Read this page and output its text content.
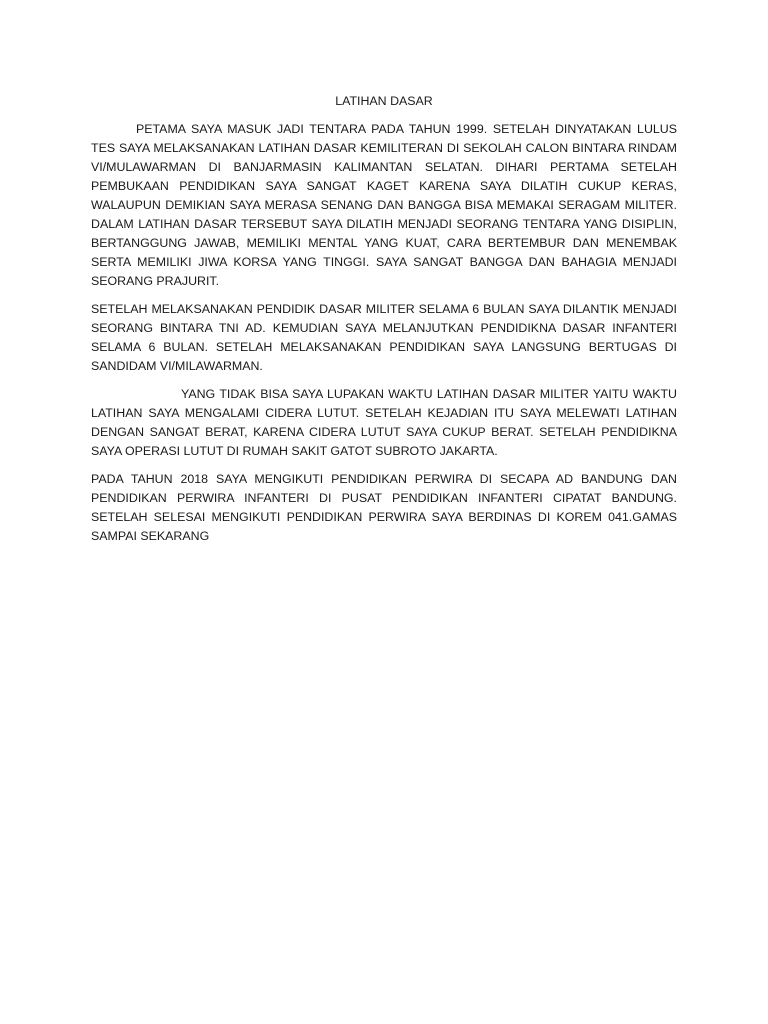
LATIHAN DASAR

PETAMA SAYA MASUK JADI TENTARA PADA TAHUN 1999. SETELAH DINYATAKAN LULUS TES SAYA MELAKSANAKAN LATIHAN DASAR KEMILITERAN DI SEKOLAH CALON BINTARA RINDAM VI/MULAWARMAN DI BANJARMASIN KALIMANTAN SELATAN. DIHARI PERTAMA SETELAH PEMBUKAAN PENDIDIKAN SAYA SANGAT KAGET KARENA SAYA DILATIH CUKUP KERAS, WALAUPUN DEMIKIAN SAYA MERASA SENANG DAN BANGGA BISA MEMAKAI SERAGAM MILITER. DALAM LATIHAN DASAR TERSEBUT SAYA DILATIH MENJADI SEORANG TENTARA YANG DISIPLIN, BERTANGGUNG JAWAB, MEMILIKI MENTAL YANG KUAT, CARA BERTEMBUR DAN MENEMBAK SERTA MEMILIKI JIWA KORSA YANG TINGGI. SAYA SANGAT BANGGA DAN BAHAGIA MENJADI SEORANG PRAJURIT.

SETELAH MELAKSANAKAN PENDIDIK DASAR MILITER SELAMA 6 BULAN SAYA DILANTIK MENJADI SEORANG BINTARA TNI AD. KEMUDIAN SAYA MELANJUTKAN PENDIDIKNA DASAR INFANTERI SELAMA 6 BULAN. SETELAH MELAKSANAKAN PENDIDIKAN SAYA LANGSUNG BERTUGAS DI SANDIDAM VI/MILAWARMAN.

YANG TIDAK BISA SAYA LUPAKAN WAKTU LATIHAN DASAR MILITER YAITU WAKTU LATIHAN SAYA MENGALAMI CIDERA LUTUT. SETELAH KEJADIAN ITU SAYA MELEWATI LATIHAN DENGAN SANGAT BERAT, KARENA CIDERA LUTUT SAYA CUKUP BERAT. SETELAH PENDIDIKNA SAYA OPERASI LUTUT DI RUMAH SAKIT GATOT SUBROTO JAKARTA.

PADA TAHUN 2018 SAYA MENGIKUTI PENDIDIKAN PERWIRA DI SECAPA AD BANDUNG DAN PENDIDIKAN PERWIRA INFANTERI DI PUSAT PENDIDIKAN INFANTERI CIPATAT BANDUNG. SETELAH SELESAI MENGIKUTI PENDIDIKAN PERWIRA SAYA BERDINAS DI KOREM 041.GAMAS SAMPAI SEKARANG
